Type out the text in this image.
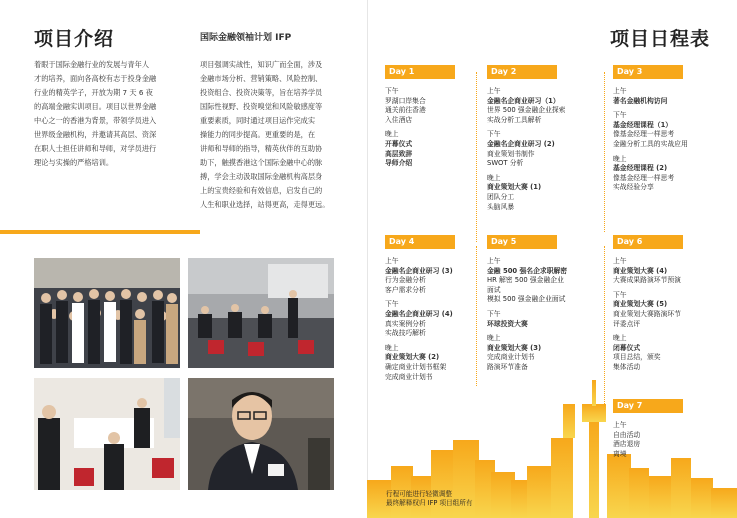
项目介绍	国际金融领袖计划 IFP
着眼于国际金融行业的发展与青年人
才的培养，面向各高校有志于投身金融
行业的精英学子，开放为期 7 天 6 夜
的高端金融实训项目。项目以世界金融
中心之一的香港为背景，带领学员进入
世界级金融机构，并邀请其高层、资深
在职人士担任讲师和导师，对学员进行
理论与实操的严格培训。
项目强调实战性，知识广而全面，涉及
金融市场分析、营销策略、风险控制、
投资组合、投资决策等，旨在培养学员
国际性视野、投资嗅觉和风险敏感度等
重要素质，同时通过项目运作完成实
操能力的同步提高。更重要的是，在
讲师和导师的指导，精英伙伴的互助协
助下，触摸香港这个国际金融中心的脉
搏，学会主动汲取国际金融机构高层身
上的宝贵经验和有效信息，启发自己的
人生和职业选择，站得更高，走得更远。
项目日程表
Day 1
下午
罗湖口岸集合
通关前往香港
入住酒店
晚上
开幕仪式
高层致辞
导师介绍
Day 2
上午
金融名企商业研习（1）
世界 500 强金融企业探索
实战分析工具解析
下午
金融名企商业研习 (2)
商业策划书制作
SWOT 分析
晚上
商业策划大赛 (1)
团队分工
头脑风暴
Day 3
上午
著名金融机构访问
下午
基金经理课程（1）
像基金经理一样思考
金融分析工具的实战应用
晚上
基金经理课程 (2)
像基金经理一样思考
实战经验分享
Day 4
上午
金融名企商业研习 (3)
行为金融分析
客户需求分析
下午
金融名企商业研习 (4)
真实案例分析
实战技巧解析
晚上
商业策划大赛 (2)
确定商业计划书框架
完成商业计划书
Day 5
上午
金融 500 强名企求职解密
HR 解密 500 强金融企业
面试
模拟 500 强金融企业面试
下午
环球投资大赛
晚上
商业策划大赛 (3)
完成商业计划书
路演环节准备
Day 6
上午
商业策划大赛 (4)
大赛成果路演环节预演
下午
商业策划大赛 (5)
商业策划大赛路演环节
评委点评
晚上
闭幕仪式
项目总结，颁奖
集体活动
Day 7
上午
自由活动
酒店退房
离境
行程可能进行轻微调整
最终解释权归 IFP 项目组所有
